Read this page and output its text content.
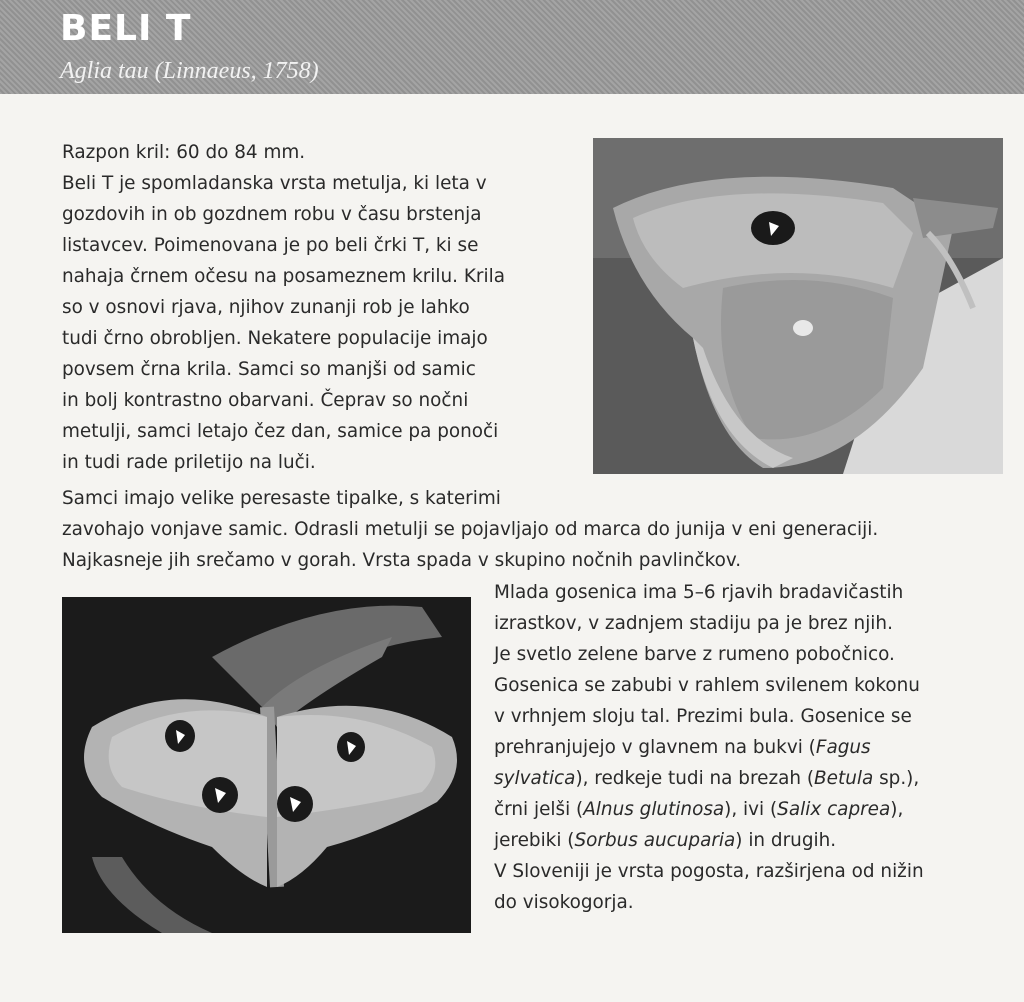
BELI T
Aglia tau (Linnaeus, 1758)
Razpon kril: 60 do 84 mm.
Beli T je spomladanska vrsta metulja, ki leta v
gozdovih in ob gozdnem robu v času brstenja
listavcev. Poimenovana je po beli črki T, ki se
nahaja črnem očesu na posameznem krilu. Krila
so v osnovi rjava, njihov zunanji rob je lahko
tudi črno obrobljen. Nekatere populacije imajo
povsem črna krila. Samci so manjši od samic
in bolj kontrastno obarvani. Čeprav so nočni
metulji, samci letajo čez dan, samice pa ponoči
in tudi rade priletijo na luči.
Samci imajo velike peresaste tipalke, s katerimi
zavohajo vonjave samic. Odrasli metulji se pojavljajo od marca do junija v eni generaciji.
Najkasneje jih srečamo v gorah. Vrsta spada v skupino nočnih pavlinčkov.
Mlada gosenica ima 5–6 rjavih bradavičastih
izrastkov, v zadnjem stadiju pa je brez njih.
Je svetlo zelene barve z rumeno pobočnico.
Gosenica se zabubi v rahlem svilenem kokonu
v vrhnjem sloju tal. Prezimi bula. Gosenice se
prehranjujejo v glavnem na bukvi (Fagus
sylvatica), redkeje tudi na brezah (Betula sp.),
črni jelši (Alnus glutinosa), ivi (Salix caprea),
jerebiki (Sorbus aucuparia) in drugih.
V Sloveniji je vrsta pogosta, razširjena od nižin
do visokogorja.
